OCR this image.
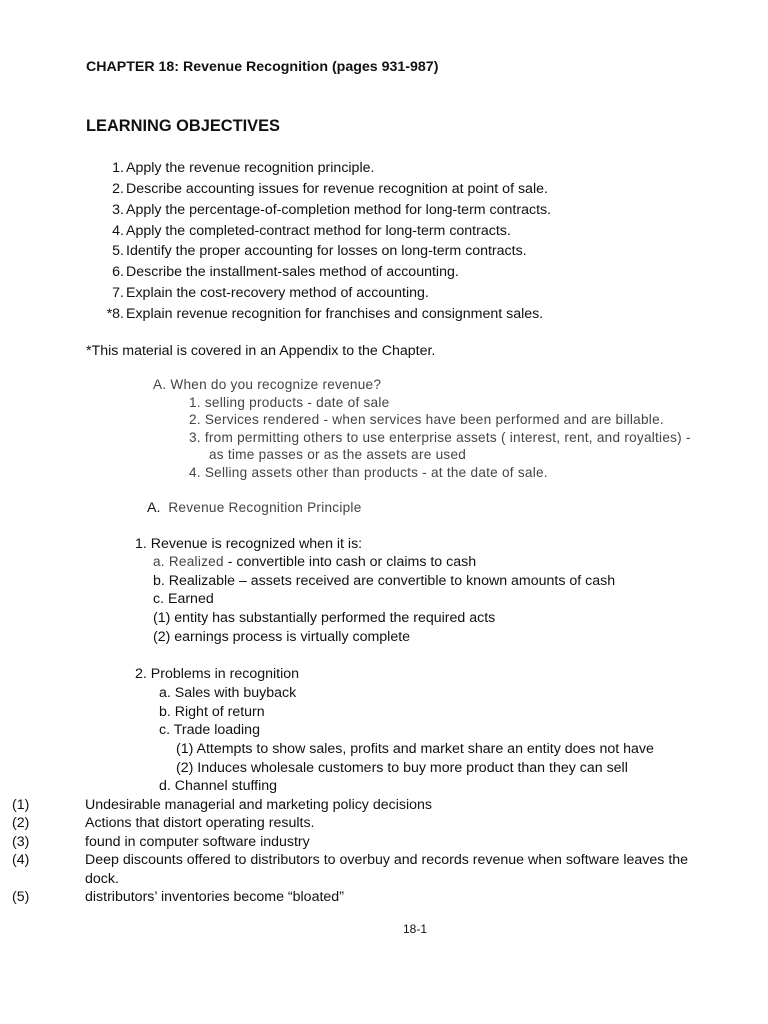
CHAPTER 18: Revenue Recognition (pages 931-987)
LEARNING OBJECTIVES
1. Apply the revenue recognition principle.
2. Describe accounting issues for revenue recognition at point of sale.
3. Apply the percentage-of-completion method for long-term contracts.
4. Apply the completed-contract method for long-term contracts.
5. Identify the proper accounting for losses on long-term contracts.
6. Describe the installment-sales method of accounting.
7. Explain the cost-recovery method of accounting.
*8. Explain revenue recognition for franchises and consignment sales.
*This material is covered in an Appendix to the Chapter.
A. When do you recognize revenue?
1. selling products - date of sale
2. Services rendered - when services have been performed and are billable.
3. from permitting others to use enterprise assets ( interest, rent, and royalties) -
as time passes or as the assets are used
4. Selling assets other than products - at the date of sale.
A. Revenue Recognition Principle
1. Revenue is recognized when it is:
a. Realized - convertible into cash or claims to cash
b. Realizable – assets received are convertible to known amounts of cash
c. Earned
(1) entity has substantially performed the required acts
(2) earnings process is virtually complete
2. Problems in recognition
a. Sales with buyback
b. Right of return
c. Trade loading
(1) Attempts to show sales, profits and market share an entity does not have
(2) Induces wholesale customers to buy more product than they can sell
d. Channel stuffing
(1)	Undesirable managerial and marketing policy decisions
(2)	Actions that distort operating results.
(3)	found in computer software industry
(4)	Deep discounts offered to distributors to overbuy and records revenue when software leaves the
dock.
(5)	distributors’ inventories become “bloated”
18-1
